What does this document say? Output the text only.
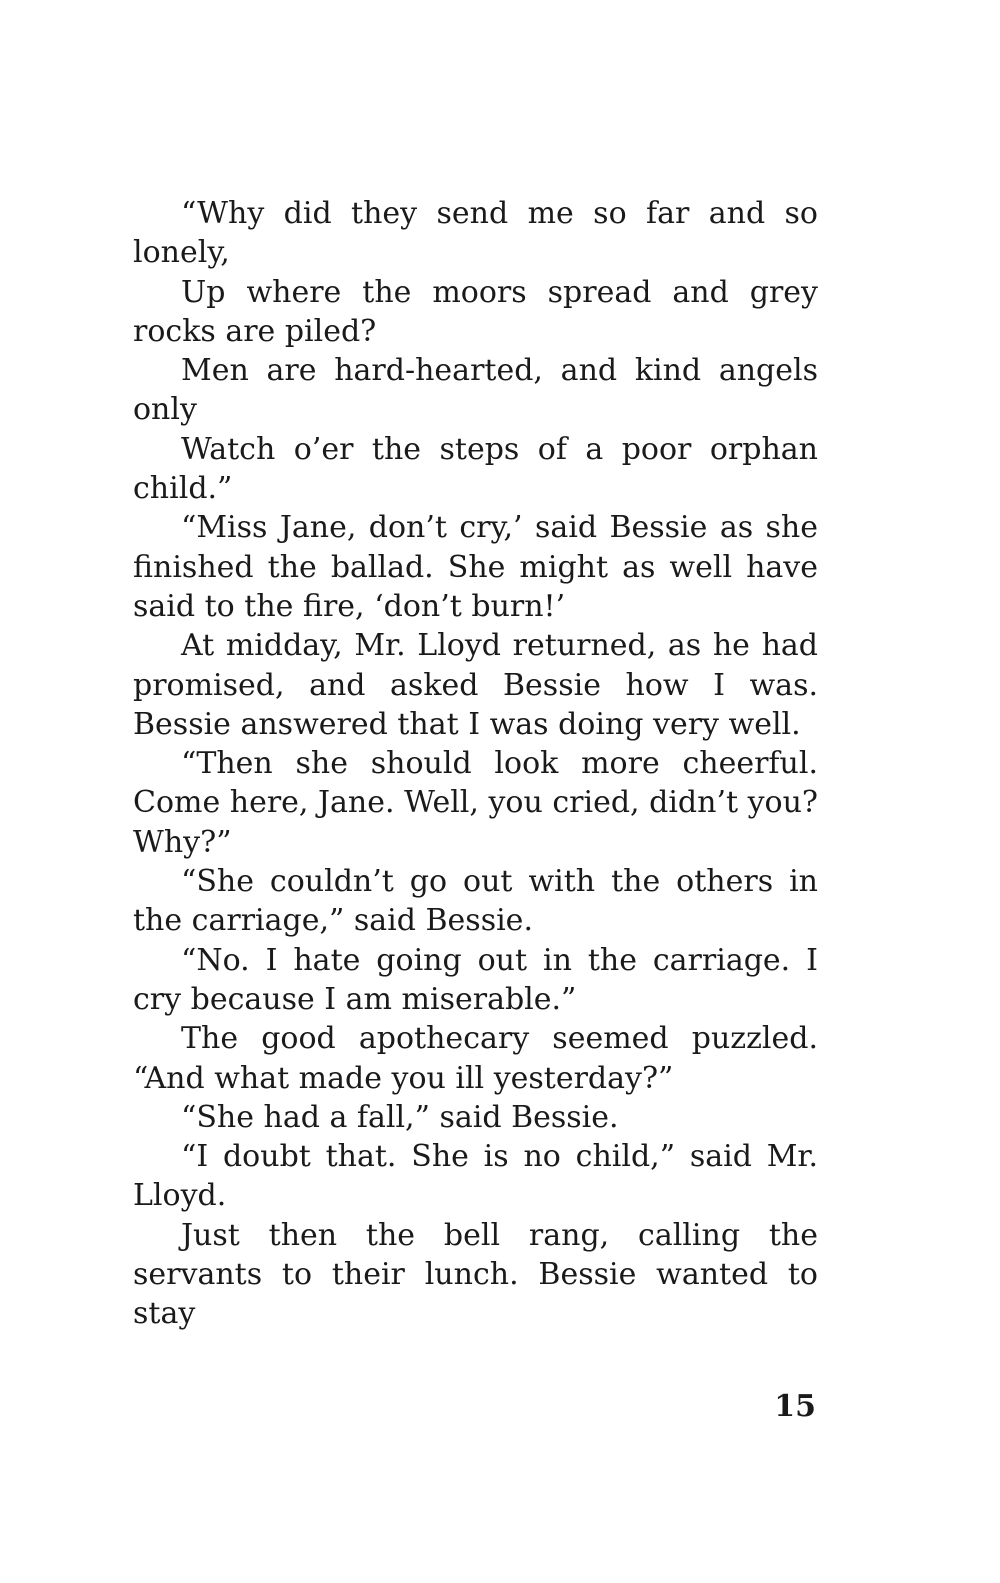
“Why did they send me so far and so lonely,

Up where the moors spread and grey rocks are piled?

Men are hard-hearted, and kind angels only

Watch o’er the steps of a poor orphan child.”

“Miss Jane, don’t cry,’ said Bessie as she finished the ballad. She might as well have said to the fire, ‘don’t burn!’

At midday, Mr. Lloyd returned, as he had promised, and asked Bessie how I was. Bessie answered that I was doing very well.

“Then she should look more cheerful. Come here, Jane. Well, you cried, didn’t you? Why?”

“She couldn’t go out with the others in the carriage,” said Bessie.

“No. I hate going out in the carriage. I cry because I am miserable.”

The good apothecary seemed puzzled. “And what made you ill yesterday?”

“She had a fall,” said Bessie.

“I doubt that. She is no child,” said Mr. Lloyd.

Just then the bell rang, calling the servants to their lunch. Bessie wanted to stay

15
